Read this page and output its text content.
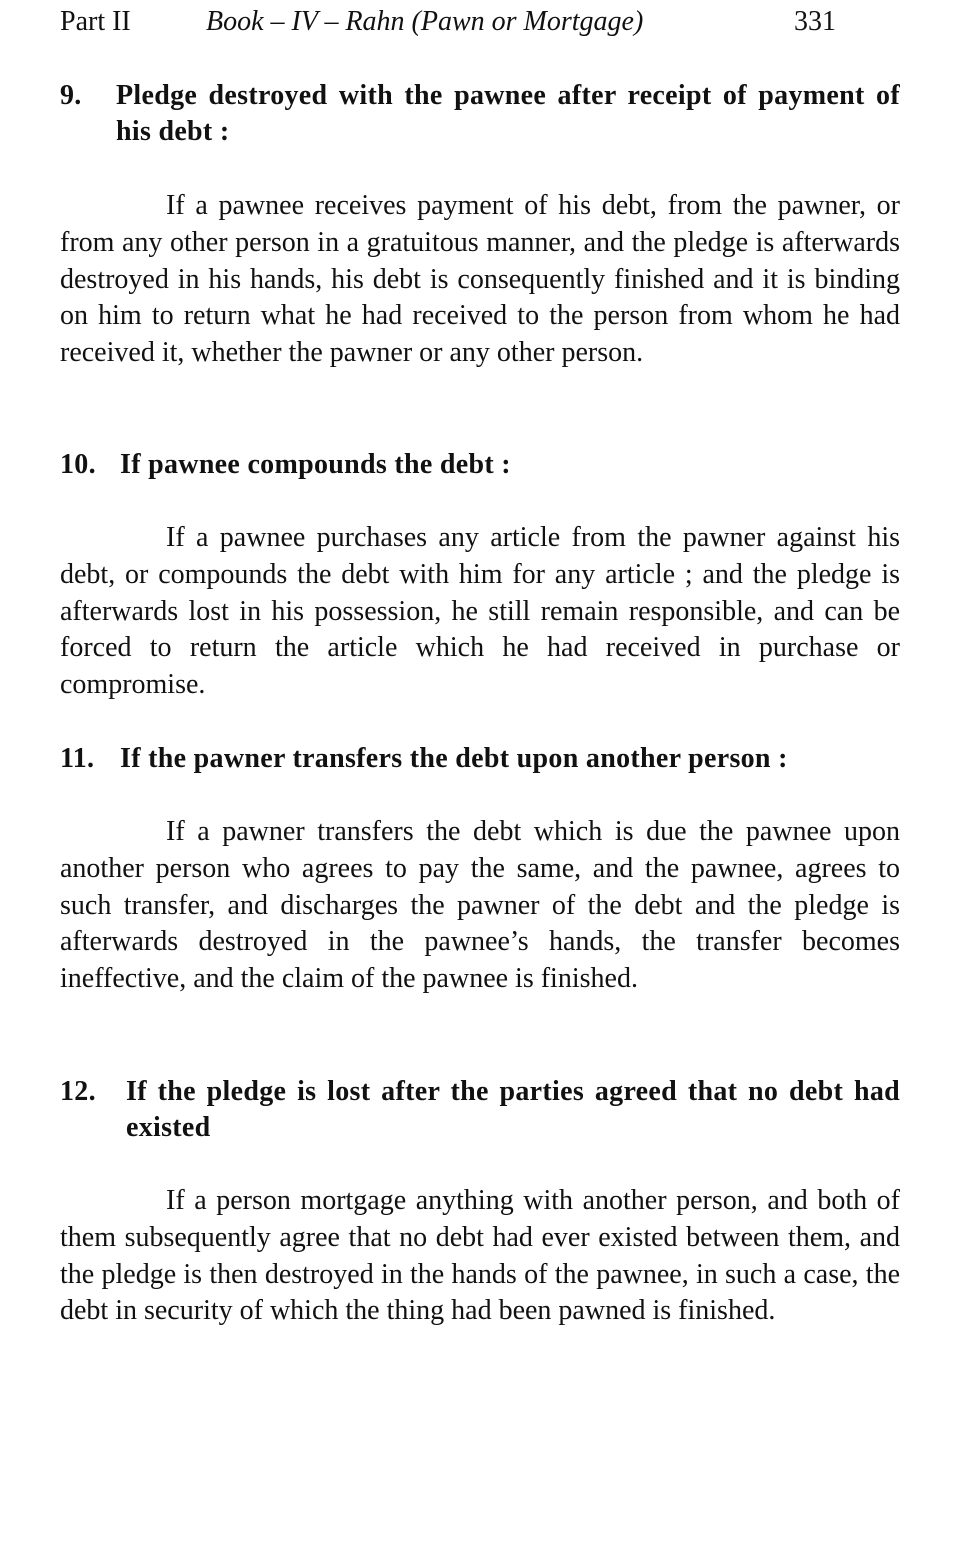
Part II	Book – IV – Rahn (Pawn or Mortgage)	331
9. Pledge destroyed with the pawnee after receipt of payment of his debt :

If a pawnee receives payment of his debt, from the pawner, or from any other person in a gratuitous manner, and the pledge is afterwards destroyed in his hands, his debt is consequently finished and it is binding on him to return what he had received to the person from whom he had received it, whether the pawner or any other person.

10. If pawnee compounds the debt :

If a pawnee purchases any article from the pawner against his debt, or compounds the debt with him for any article ; and the pledge is afterwards lost in his possession, he still remain responsible, and can be forced to return the article which he had received in purchase or compromise.

11. If the pawner transfers the debt upon another person :

If a pawner transfers the debt which is due the pawnee upon another person who agrees to pay the same, and the pawnee, agrees to such transfer, and discharges the pawner of the debt and the pledge is afterwards destroyed in the pawnee’s hands, the transfer becomes ineffective, and the claim of the pawnee is finished.

12. If the pledge is lost after the parties agreed that no debt had existed

If a person mortgage anything with another person, and both of them subsequently agree that no debt had ever existed between them, and the pledge is then destroyed in the hands of the pawnee, in such a case, the debt in security of which the thing had been pawned is finished.
